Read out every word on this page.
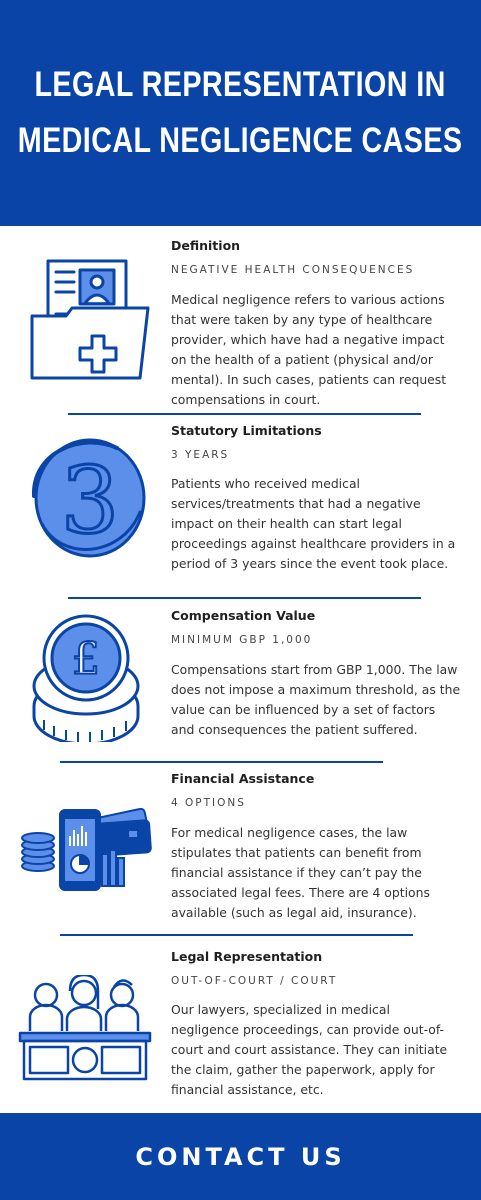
LEGAL REPRESENTATION IN
MEDICAL NEGLIGENCE CASES

Definition

NEGATIVE HEALTH CONSEQUENCES

Medical negligence refers to various actions that were taken by any type of healthcare provider, which have had a negative impact on the health of a patient (physical and/or mental). In such cases, patients can request compensations in court.

3

Statutory Limitations

3 YEARS

Patients who received medical services/treatments that had a negative impact on their health can start legal proceedings against healthcare providers in a period of 3 years since the event took place.

£

Compensation Value

MINIMUM GBP 1,000

Compensations start from GBP 1,000. The law does not impose a maximum threshold, as the value can be influenced by a set of factors and consequences the patient suffered.

Financial Assistance

4 OPTIONS

For medical negligence cases, the law stipulates that patients can benefit from financial assistance if they can’t pay the associated legal fees. There are 4 options available (such as legal aid, insurance).

Legal Representation

OUT-OF-COURT / COURT

Our lawyers, specialized in medical negligence proceedings, can provide out-of-court and court assistance. They can initiate the claim, gather the paperwork, apply for financial assistance, etc.

CONTACT US
